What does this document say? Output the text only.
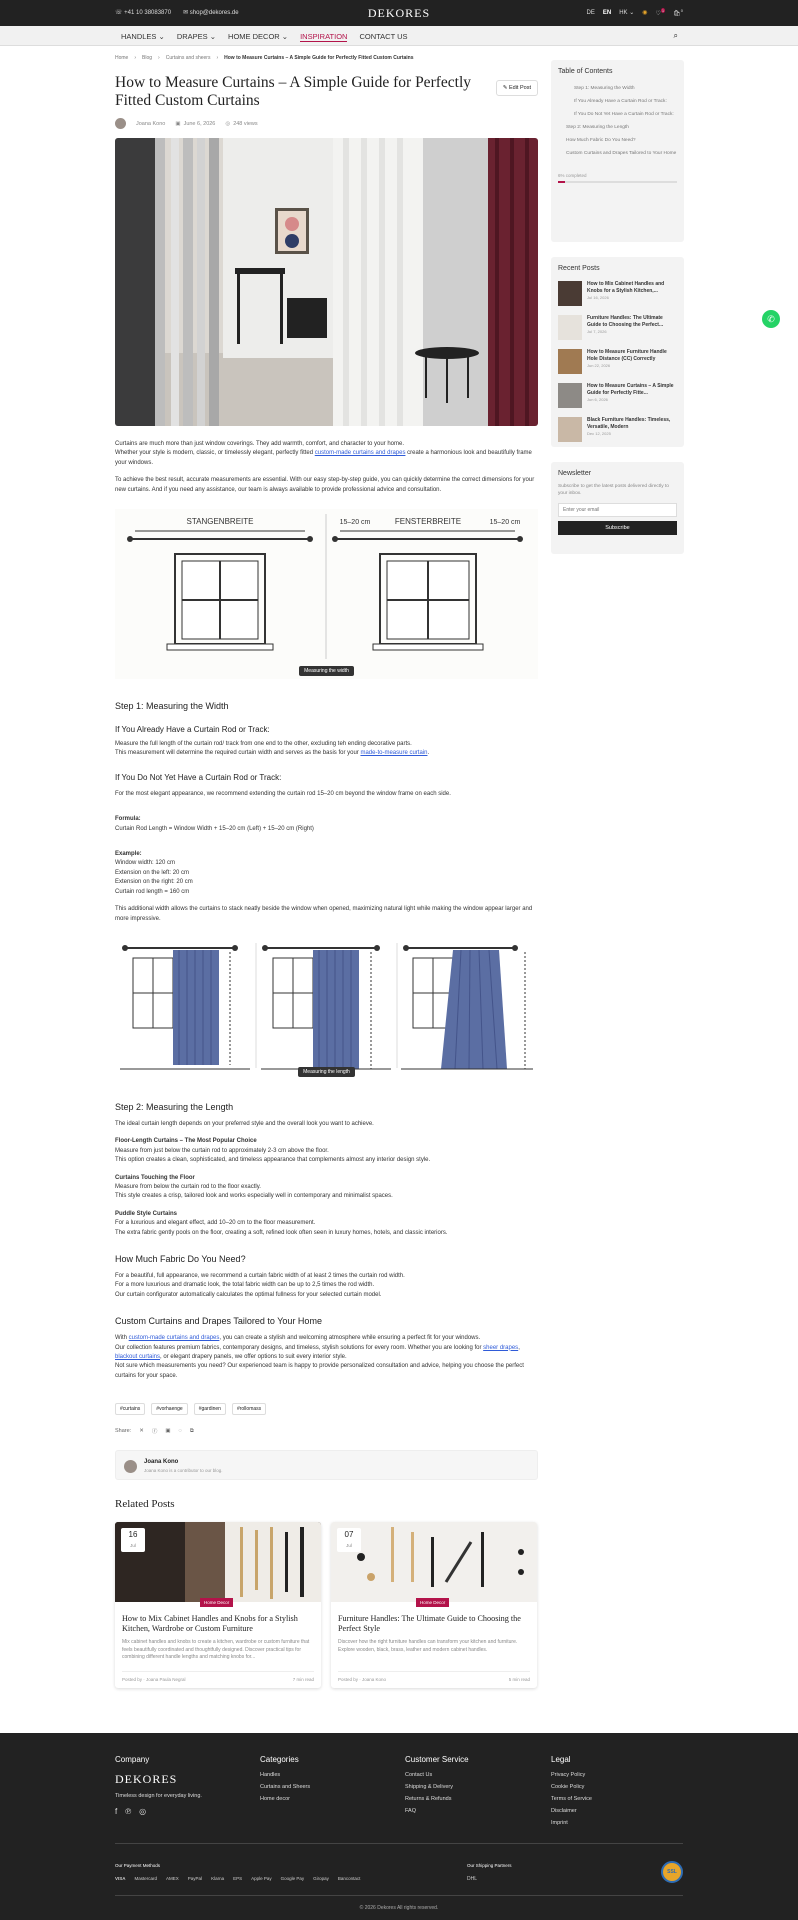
☏ +41 10 38083870 ✉ shop@dekores.de	DEKORES	DE EN HK ⌄ ◉ ♡$^1$
🛍︎$^0$
HANDLES ⌄ DRAPES ⌄ HOME DECOR ⌄ INSPIRATION CONTACT US	⌕
Home › Blog › Curtains and sheers › How to Measure Curtains – A Simple Guide for Perfectly Fitted Custom Curtains
How to Measure Curtains – A Simple Guide for Perfectly Fitted Custom Curtains
✎ Edit Post
Joana Kono ▣ June 6, 2026 ◎ 248 views

Curtains are much more than just window coverings. They add warmth, comfort, and character to your home.
Whether your style is modern, classic, or timelessly elegant, perfectly fitted custom-made curtains and drapes create a harmonious look and beautifully frame your windows.

To achieve the best result, accurate measurements are essential. With our easy step-by-step guide, you can quickly determine the correct dimensions for your new curtains. And if you need any assistance, our team is always available to provide professional advice and consultation.

STANGENBREITE	15–20 cm	FENSTERBREITE	15–20 cm
Measuring the width
Step 1: Measuring the Width
If You Already Have a Curtain Rod or Track:

Measure the full length of the curtain rod/ track from one end to the other, excluding teh ending decorative parts.
This measurement will determine the required curtain width and serves as the basis for your made-to-measure curtain.

If You Do Not Yet Have a Curtain Rod or Track:

For the most elegant appearance, we recommend extending the curtain rod 15–20 cm beyond the window frame on each side.

Formula:
Curtain Rod Length = Window Width + 15–20 cm (Left) + 15–20 cm (Right)

Example:
Window width: 120 cm
Extension on the left: 20 cm
Extension on the right: 20 cm
Curtain rod length = 160 cm

This additional width allows the curtains to stack neatly beside the window when opened, maximizing natural light while making the window appear larger and more impressive.

Measuring the length
Step 2: Measuring the Length

The ideal curtain length depends on your preferred style and the overall look you want to achieve.

Floor-Length Curtains – The Most Popular Choice
Measure from just below the curtain rod to approximately 2-3 cm above the floor.
This option creates a clean, sophisticated, and timeless appearance that complements almost any interior design style.

Curtains Touching the Floor
Measure from below the curtain rod to the floor exactly.
This style creates a crisp, tailored look and works especially well in contemporary and minimalist spaces.

Puddle Style Curtains
For a luxurious and elegant effect, add 10–20 cm to the floor measurement.
The extra fabric gently pools on the floor, creating a soft, refined look often seen in luxury homes, hotels, and classic interiors.

How Much Fabric Do You Need?

For a beautiful, full appearance, we recommend a curtain fabric width of at least 2 times the curtain rod width.
For a more luxurious and dramatic look, the total fabric width can be up to 2,5 times the rod width.
Our curtain configurator automatically calculates the optimal fullness for your selected curtain model.

Custom Curtains and Drapes Tailored to Your Home

With custom-made curtains and drapes, you can create a stylish and welcoming atmosphere while ensuring a perfect fit for your windows.
Our collection features premium fabrics, contemporary designs, and timeless, stylish solutions for every room. Whether you are looking for sheer drapes, blackout curtains, or elegant drapery panels, we offer options to suit every interior style.
Not sure which measurements you need? Our experienced team is happy to provide personalized consultation and advice, helping you choose the perfect curtains for your space.

#curtains	#vorhaenge	#gardinen	#rollomass
Share: ✕ ⓕ ▣ ◌ ⧉
Joana Kono
Joana Kono is a contributor to our blog.
Related Posts
16
Jul
Home Decor
How to Mix Cabinet Handles and Knobs for a Stylish Kitchen, Wardrobe or Custom Furniture
Mix cabinet handles and knobs to create a kitchen, wardrobe or custom furniture that feels beautifully coordinated and thoughtfully designed. Discover practical tips for combining different handle lengths and matching knobs for...
Posted by · Joana Paula Negral	7 min read
07
Jul
Home Decor
Furniture Handles: The Ultimate Guide to Choosing the Perfect Style
Discover how the right furniture handles can transform your kitchen and furniture. Explore wooden, black, brass, leather and modern cabinet handles.
Posted by · Joana Kono	5 min read
Table of Contents
Step 1: Measuring the Width
If You Already Have a Curtain Rod or Track:
If You Do Not Yet Have a Curtain Rod or Track:
Step 2: Measuring the Length
How Much Fabric Do You Need?
Custom Curtains and Drapes Tailored to Your Home
6% completed
Recent Posts
How to Mix Cabinet Handles and Knobs for a Stylish Kitchen,...
Jul 16, 2026
Furniture Handles: The Ultimate Guide to Choosing the Perfect...
Jul 7, 2026
How to Measure Furniture Handle Hole Distance (CC) Correctly
Jun 22, 2026
How to Measure Curtains – A Simple Guide for Perfectly Fitte...
Jun 6, 2026
Black Furniture Handles: Timeless, Versatile, Modern
Dec 12, 2025
Newsletter

Subscribe to get the latest posts delivered directly to your inbox.

Enter your email
Subscribe
✆
Company
DEKORES
Timeless design for everyday living.
f ℗ ◎
Categories
Handles
Curtains and Sheers
Home decor
Customer Service
Contact Us
Shipping & Delivery
Returns & Refunds
FAQ
Legal
Privacy Policy
Cookie Policy
Terms of Service
Disclaimer
Imprint
Our Payment Methods
VISA Mastercard AMEX PayPal Klarna EPS Apple Pay Google Pay Giropay Bancontact
Our Shipping Partners
DHL
SSL
© 2026 Dekores All rights reserved.
